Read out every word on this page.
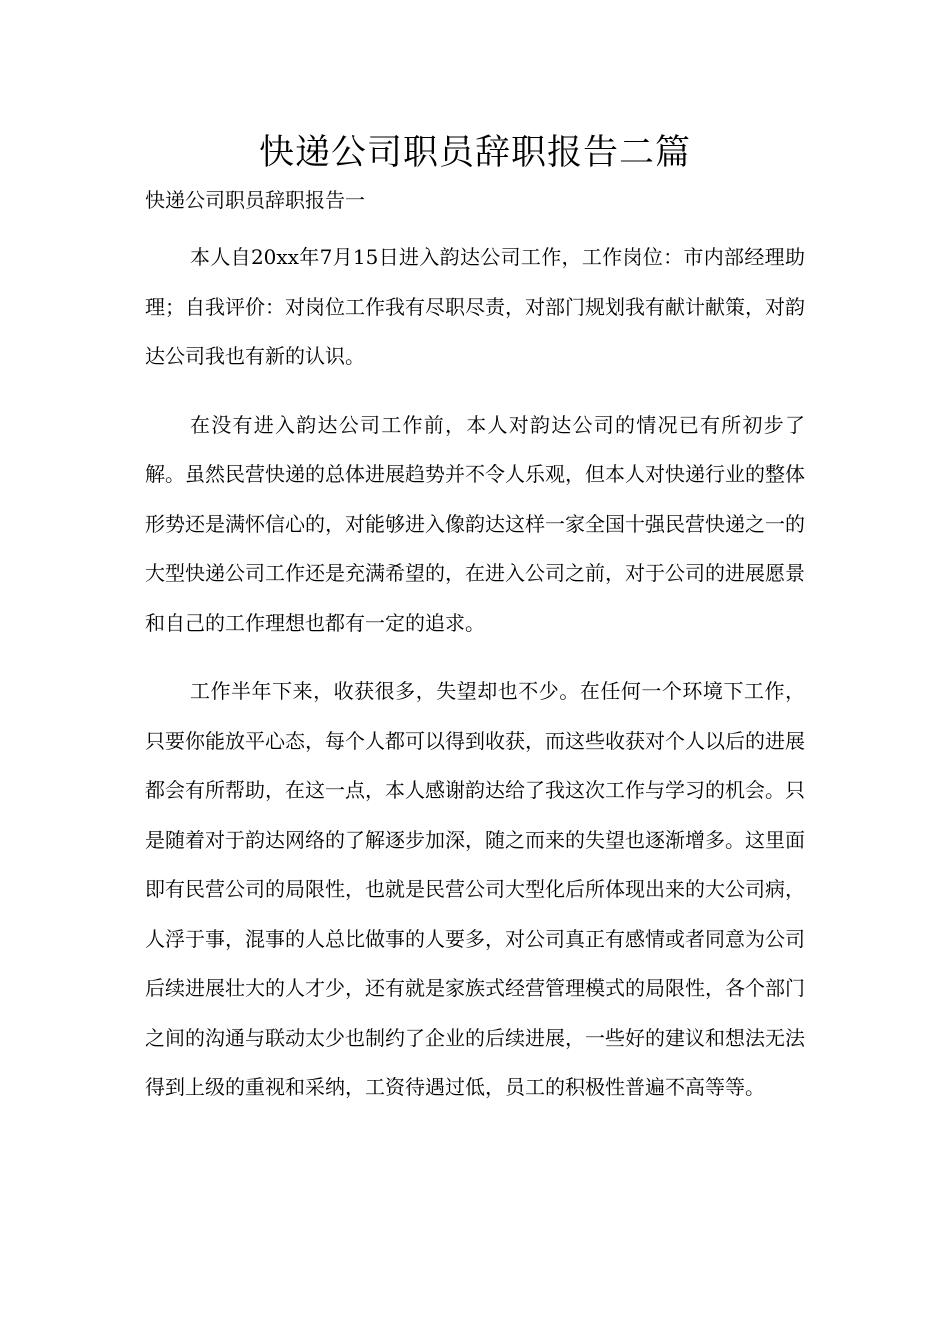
快递公司职员辞职报告二篇

快递公司职员辞职报告一

本人自20xx年7月15日进入韵达公司工作，工作岗位：市内部经理助理；自我评价：对岗位工作我有尽职尽责，对部门规划我有献计献策，对韵达公司我也有新的认识。

在没有进入韵达公司工作前，本人对韵达公司的情况已有所初步了解。虽然民营快递的总体进展趋势并不令人乐观，但本人对快递行业的整体形势还是满怀信心的，对能够进入像韵达这样一家全国十强民营快递之一的大型快递公司工作还是充满希望的，在进入公司之前，对于公司的进展愿景和自己的工作理想也都有一定的追求。

工作半年下来，收获很多，失望却也不少。在任何一个环境下工作，只要你能放平心态，每个人都可以得到收获，而这些收获对个人以后的进展都会有所帮助，在这一点，本人感谢韵达给了我这次工作与学习的机会。只是随着对于韵达网络的了解逐步加深，随之而来的失望也逐渐增多。这里面即有民营公司的局限性，也就是民营公司大型化后所体现出来的大公司病，人浮于事，混事的人总比做事的人要多，对公司真正有感情或者同意为公司后续进展壮大的人才少，还有就是家族式经营管理模式的局限性，各个部门之间的沟通与联动太少也制约了企业的后续进展，一些好的建议和想法无法得到上级的重视和采纳，工资待遇过低，员工的积极性普遍不高等等。
